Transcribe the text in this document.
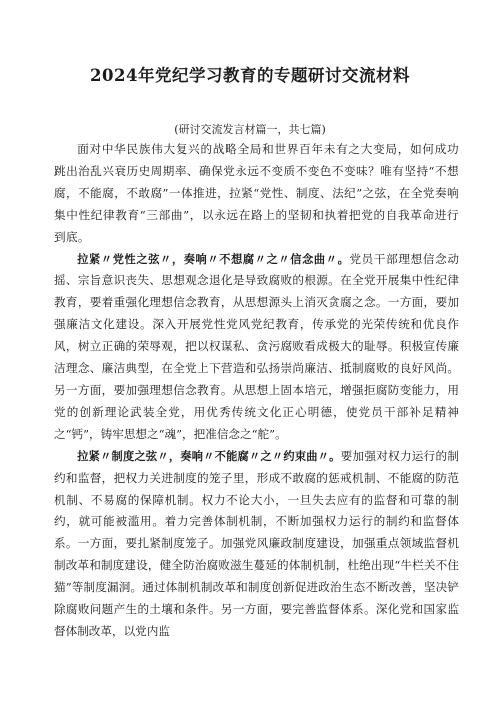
2024年党纪学习教育的专题研讨交流材料
(研讨交流发言材篇一，共七篇)

面对中华民族伟大复兴的战略全局和世界百年未有之大变局，如何成功跳出治乱兴衰历史周期率、确保党永远不变质不变色不变味？唯有坚持“不想腐，不能腐，不敢腐”一体推进，拉紧“党性、制度、法纪”之弦，在全党奏响集中性纪律教育“三部曲”，以永远在路上的坚韧和执着把党的自我革命进行到底。

拉紧〃党性之弦〃，奏响〃不想腐〃之〃信念曲〃。党员干部理想信念动摇、宗旨意识丧失、思想观念退化是导致腐败的根源。在全党开展集中性纪律教育，要着重强化理想信念教育，从思想源头上消灭贪腐之念。一方面，要加强廉洁文化建设。深入开展党性党风党纪教育，传承党的光荣传统和优良作风，树立正确的荣辱观，把以权谋私、贪污腐败看成极大的耻辱。积极宣传廉洁理念、廉洁典型，在全党上下营造和弘扬崇尚廉洁、抵制腐败的良好风尚。另一方面，要加强理想信念教育。从思想上固本培元，增强拒腐防变能力，用党的创新理论武装全党，用优秀传统文化正心明德，使党员干部补足精神之“钙”，铸牢思想之“魂”，把准信念之“舵”。

拉紧〃制度之弦〃，奏响〃不能腐〃之〃约束曲〃。要加强对权力运行的制约和监督，把权力关进制度的笼子里，形成不敢腐的惩戒机制、不能腐的防范机制、不易腐的保障机制。权力不论大小，一旦失去应有的监督和可靠的制约，就可能被滥用。着力完善体制机制，不断加强权力运行的制约和监督体系。一方面，要扎紧制度笼子。加强党风廉政制度建设，加强重点领域监督机制改革和制度建设，健全防治腐败滋生蔓延的体制机制，杜绝出现“牛栏关不住猫”等制度漏洞。通过体制机制改革和制度创新促进政治生态不断改善，坚决铲除腐败问题产生的土壤和条件。另一方面，要完善监督体系。深化党和国家监督体制改革，以党内监
